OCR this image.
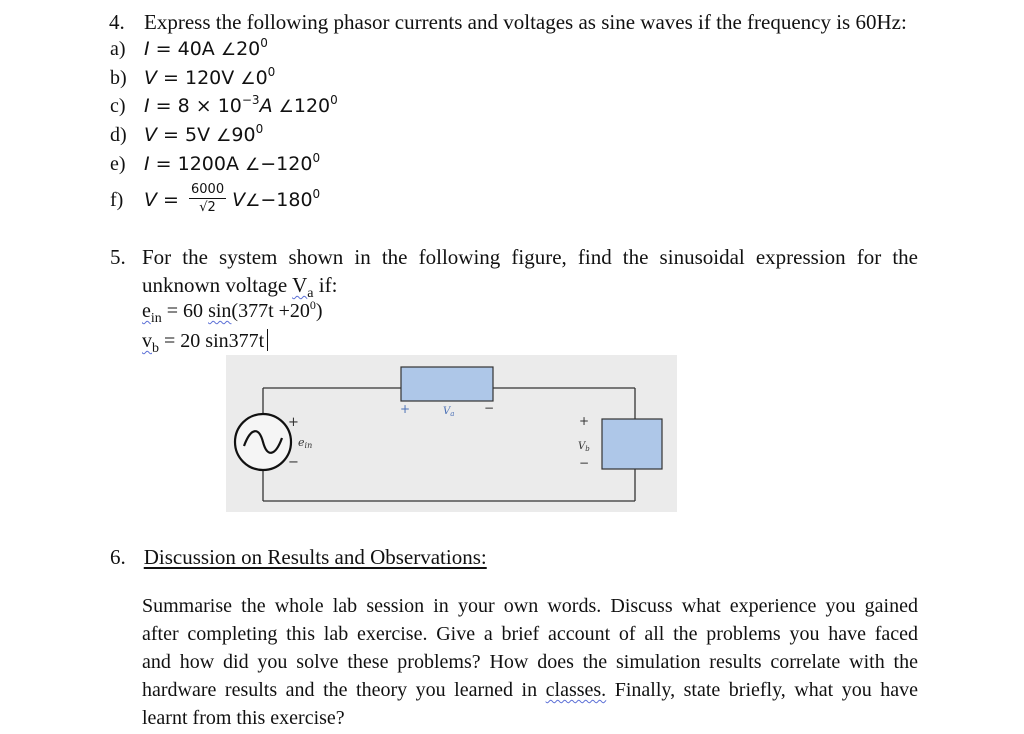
4. Express the following phasor currents and voltages as sine waves if the frequency is 60Hz:
a) I = 40A $\angle 20^0$
b) V = 120V $\angle 0^0$
c) $I = 8 \times 10^{-3}A$ $\angle 120^0$
d) V = 5V $\angle 90^0$
e) I = 1200A $\angle-120^0$
f) $V = \frac{6000}{√2}$ $V\angle-180^0$
5. For the system shown in the following figure, find the sinusoidal expression for the
unknown voltage $V_a$ if:
$e_{in} = 60$ $\sin(377t +20^0)$
$v_b = 20$ sin377t
+
−
ein
+	$V_a$ −
+
$V_b$
−
6. Discussion on Results and Observations:
Summarise the whole lab session in your own words. Discuss what experience you gained
after completing this lab exercise. Give a brief account of all the problems you have faced
and how did you solve these problems? How does the simulation results correlate with the
hardware results and the theory you learned in classes. Finally, state briefly, what you have
learnt from this exercise?
